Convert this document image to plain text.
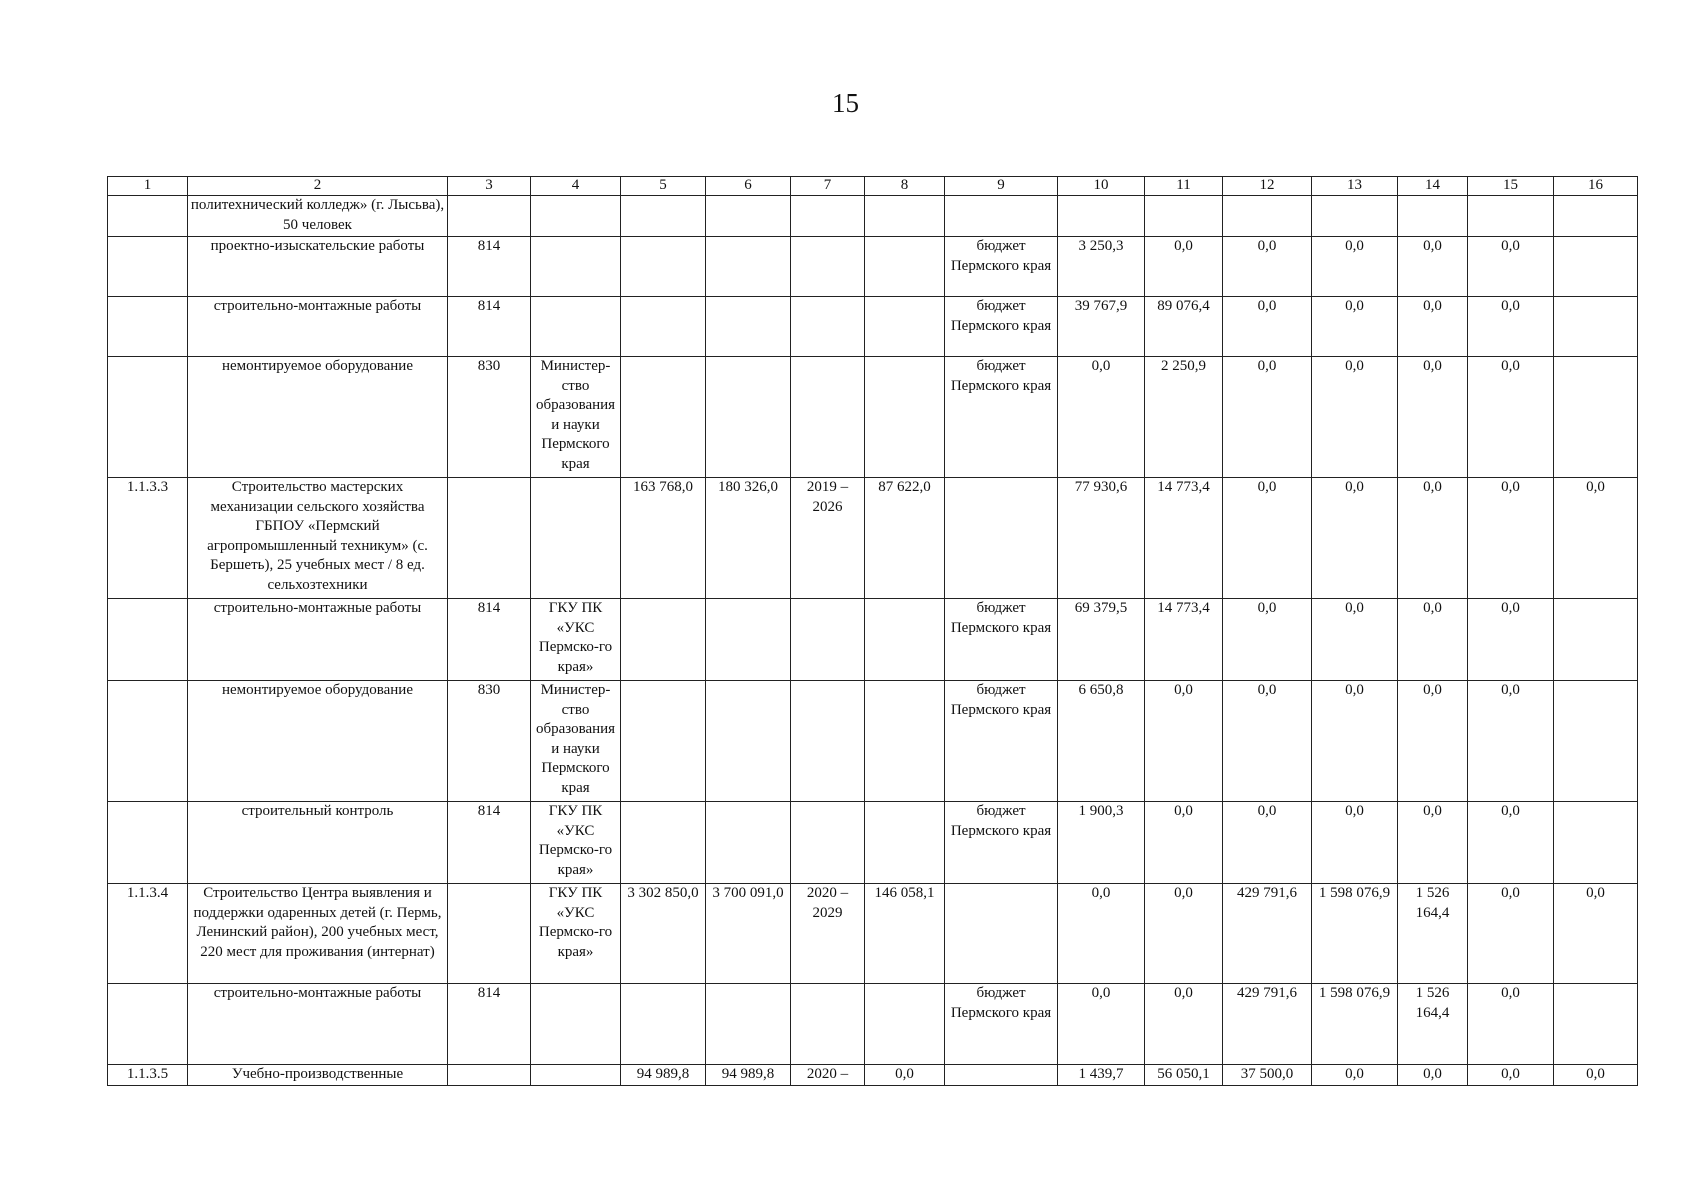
15
1	2	3	4	5	6	7	8	9	10	11	12	13	14	15	16
	политехнический колледж» (г. Лысьва), 50 человек														
	проектно-изыскательские работы	814						бюджет Пермского края	3 250,3	0,0	0,0	0,0	0,0	0,0	
	строительно-монтажные работы	814						бюджет Пермского края	39 767,9	89 076,4	0,0	0,0	0,0	0,0	
	немонтируемое оборудование	830	Министер-ство образования и науки Пермского края					бюджет Пермского края	0,0	2 250,9	0,0	0,0	0,0	0,0	
1.1.3.3	Строительство мастерских механизации сельского хозяйства ГБПОУ «Пермский агропромышленный техникум» (с. Бершеть), 25 учебных мест / 8 ед. сельхозтехники			163 768,0	180 326,0	2019 – 2026	87 622,0		77 930,6	14 773,4	0,0	0,0	0,0	0,0	0,0
	строительно-монтажные работы	814	ГКУ ПК «УКС Пермско-го края»					бюджет Пермского края	69 379,5	14 773,4	0,0	0,0	0,0	0,0	
	немонтируемое оборудование	830	Министер-ство образования и науки Пермского края					бюджет Пермского края	6 650,8	0,0	0,0	0,0	0,0	0,0	
	строительный контроль	814	ГКУ ПК «УКС Пермско-го края»					бюджет Пермского края	1 900,3	0,0	0,0	0,0	0,0	0,0	
1.1.3.4	Строительство Центра выявления и поддержки одаренных детей (г. Пермь, Ленинский район), 200 учебных мест, 220 мест для проживания (интернат)		ГКУ ПК «УКС Пермско-го края»	3 302 850,0	3 700 091,0	2020 – 2029	146 058,1		0,0	0,0	429 791,6	1 598 076,9	1 526 164,4	0,0	0,0
	строительно-монтажные работы	814						бюджет Пермского края	0,0	0,0	429 791,6	1 598 076,9	1 526 164,4	0,0	
1.1.3.5	Учебно-производственные			94 989,8	94 989,8	2020 –	0,0		1 439,7	56 050,1	37 500,0	0,0	0,0	0,0	0,0
